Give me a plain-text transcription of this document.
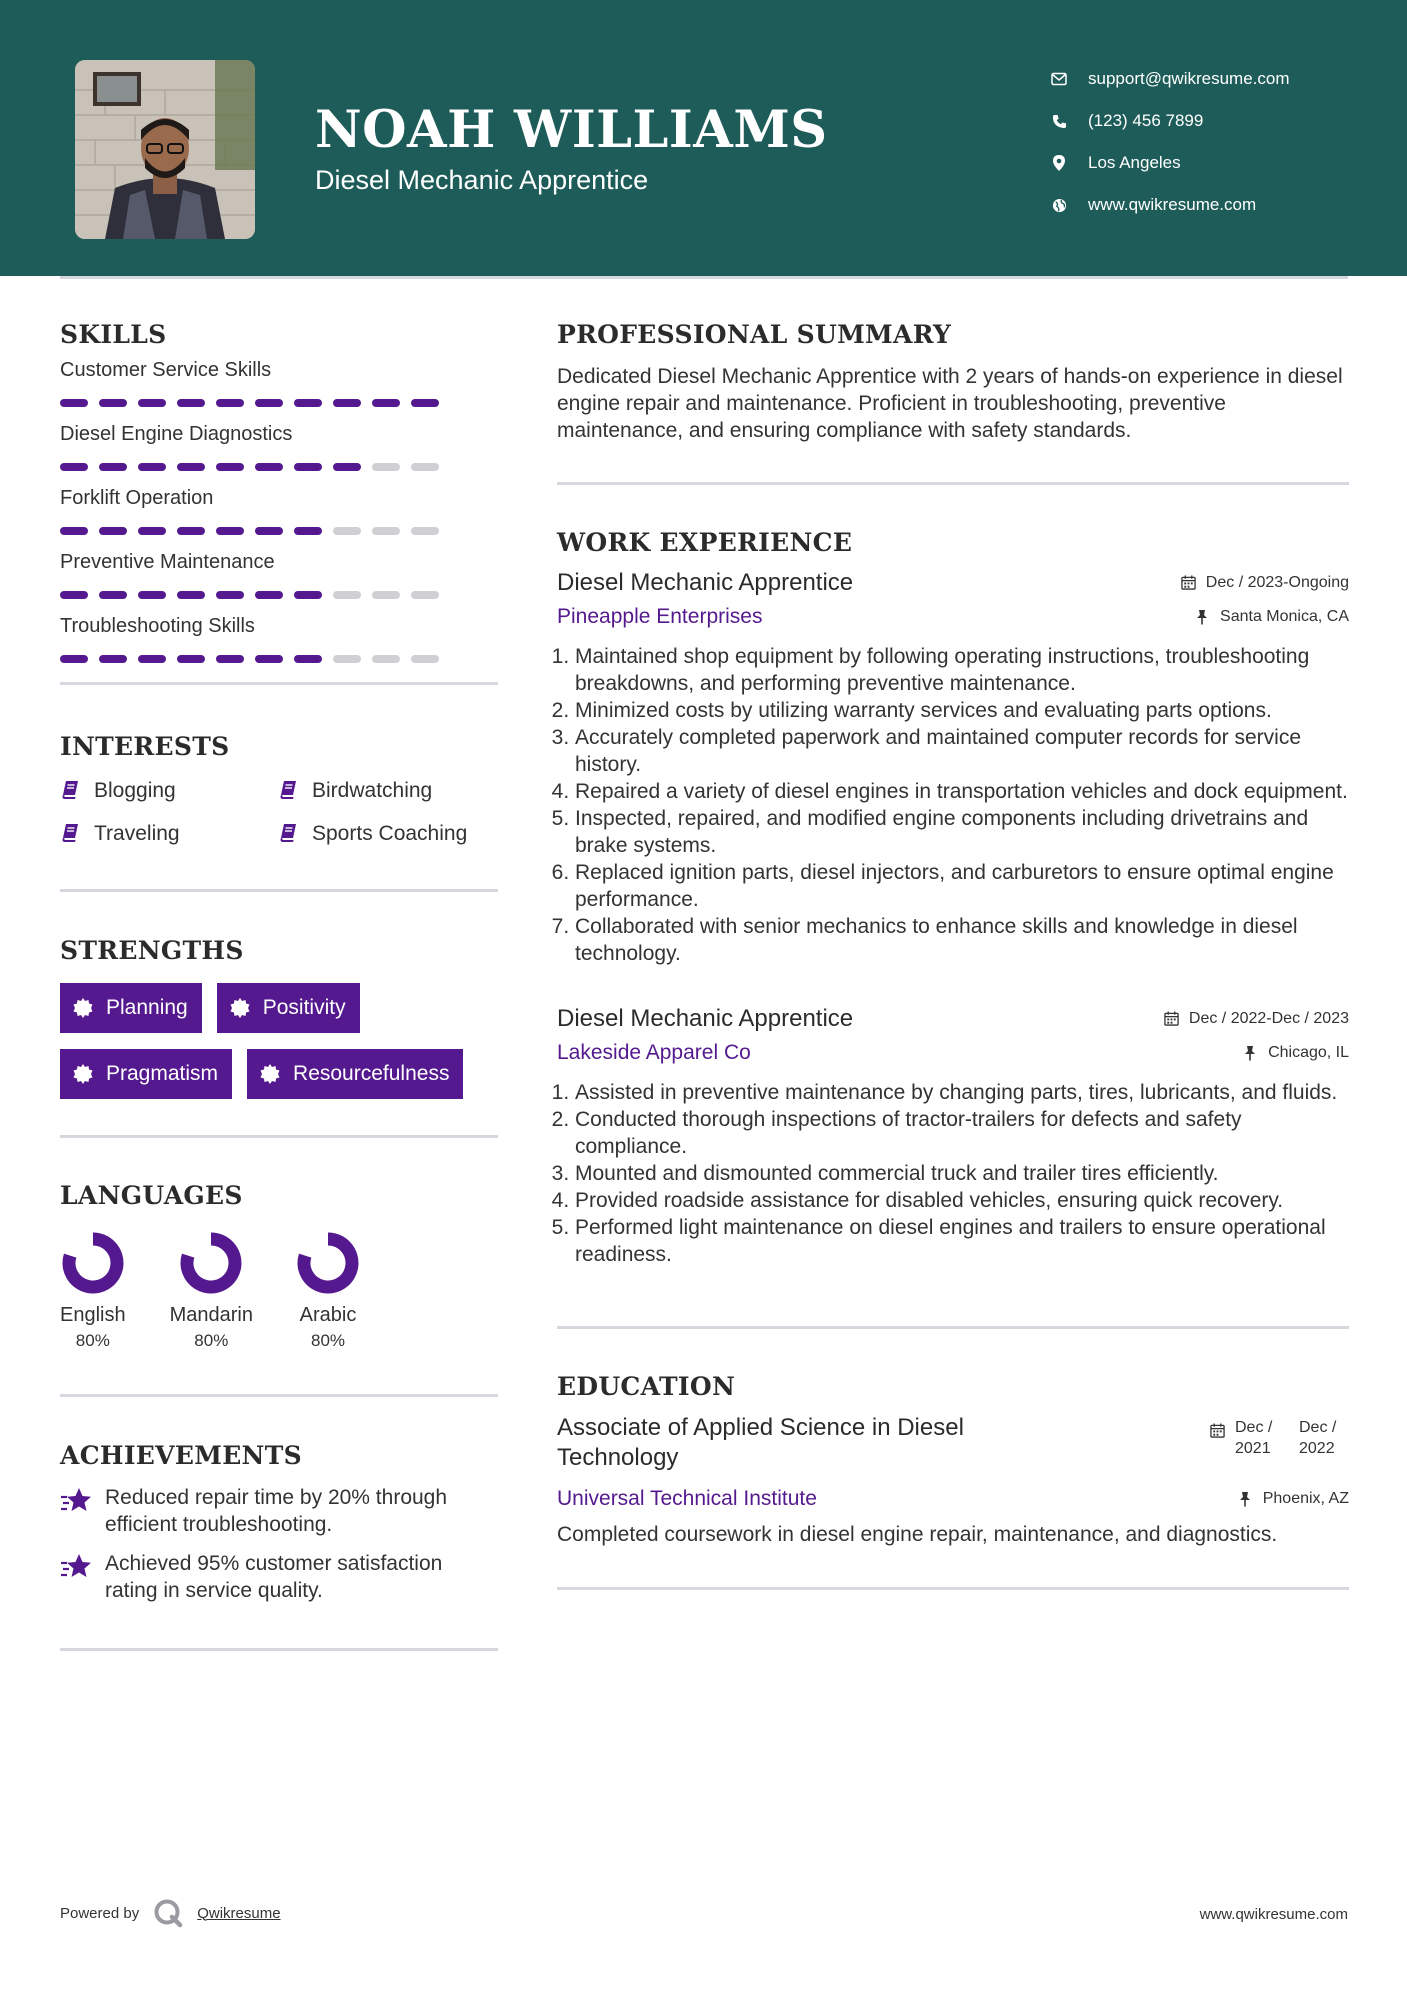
NOAH WILLIAMS
Diesel Mechanic Apprentice
support@qwikresume.com
(123) 456 7899
Los Angeles
www.qwikresume.com
SKILLS
Customer Service Skills
Diesel Engine Diagnostics
Forklift Operation
Preventive Maintenance
Troubleshooting Skills
INTERESTS
Blogging	Birdwatching
Traveling	Sports Coaching
STRENGTHS
Planning	Positivity
Pragmatism	Resourcefulness
LANGUAGES
English
80%
Mandarin
80%
Arabic
80%
ACHIEVEMENTS
Reduced repair time by 20% through efficient troubleshooting.
Achieved 95% customer satisfaction rating in service quality.
PROFESSIONAL SUMMARY

Dedicated Diesel Mechanic Apprentice with 2 years of hands-on experience in diesel engine repair and maintenance. Proficient in troubleshooting, preventive maintenance, and ensuring compliance with safety standards.

WORK EXPERIENCE
Diesel Mechanic Apprentice	Dec / 2023-Ongoing
Pineapple Enterprises	Santa Monica, CA
1. Maintained shop equipment by following operating instructions, troubleshooting breakdowns, and performing preventive maintenance.
2. Minimized costs by utilizing warranty services and evaluating parts options.
3. Accurately completed paperwork and maintained computer records for service history.
4. Repaired a variety of diesel engines in transportation vehicles and dock equipment.
5. Inspected, repaired, and modified engine components including drivetrains and brake systems.
6. Replaced ignition parts, diesel injectors, and carburetors to ensure optimal engine performance.
7. Collaborated with senior mechanics to enhance skills and knowledge in diesel technology.
Diesel Mechanic Apprentice	Dec / 2022-Dec / 2023
Lakeside Apparel Co	Chicago, IL
1. Assisted in preventive maintenance by changing parts, tires, lubricants, and fluids.
2. Conducted thorough inspections of tractor-trailers for defects and safety compliance.
3. Mounted and dismounted commercial truck and trailer tires efficiently.
4. Provided roadside assistance for disabled vehicles, ensuring quick recovery.
5. Performed light maintenance on diesel engines and trailers to ensure operational readiness.
EDUCATION
Associate of Applied Science in Diesel Technology
Dec / 2021
Dec / 2022
Universal Technical Institute	Phoenix, AZ

Completed coursework in diesel engine repair, maintenance, and diagnostics.

Powered by	Qwikresume	www.qwikresume.com
